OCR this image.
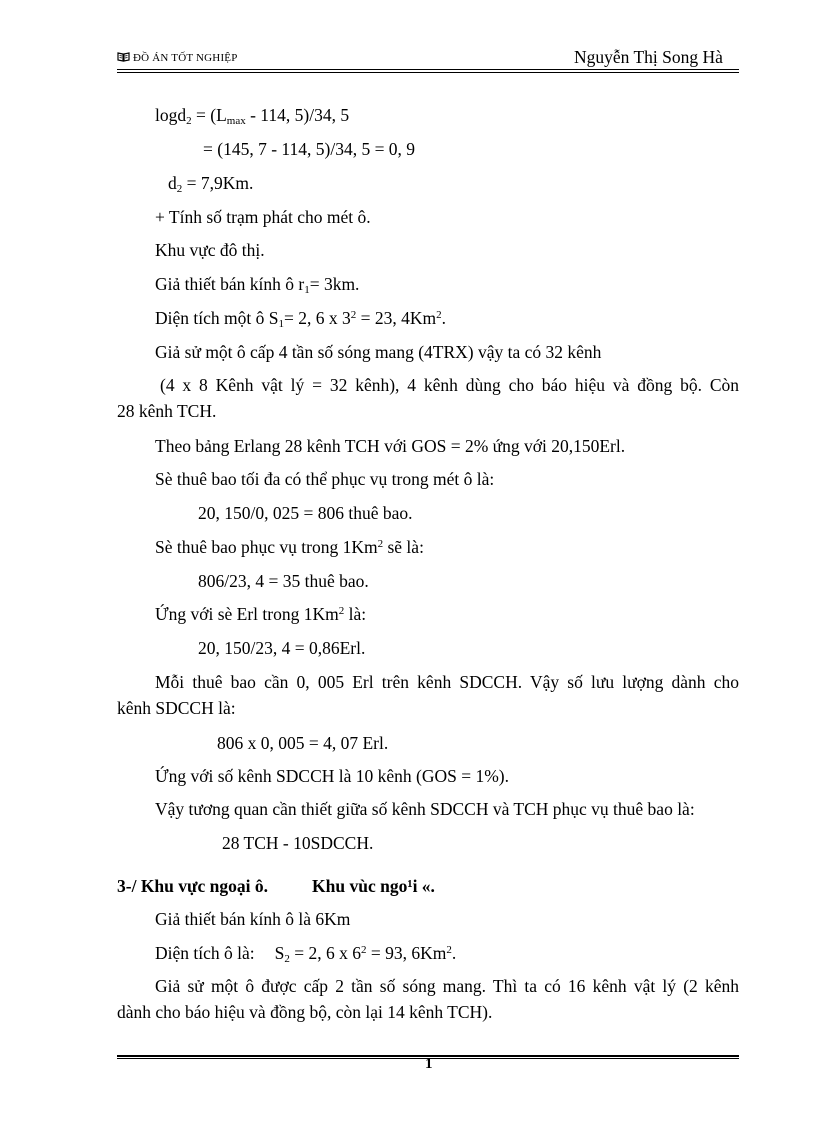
ĐỒ ÁN TỐT NGHIỆP	Nguyễn Thị Song Hà
$\log d_2 = (L_{max} - 114$, 5)/34, 5
= (145, 7 - 114, 5)/34, 5 = 0, 9
$d_2 = 7,9Km$.
+ Tính số trạm phát cho mét ô.
Khu vực đô thị.
Giả thiết bán kính ô $r_1= 3km$.
Diện tích một ô $S_1= 2$, 6 x $3^2 = 23$, 4Km$^2$.
Giả sử một ô cấp 4 tần số sóng mang (4TRX) vậy ta có 32 kênh
(4 x 8 Kênh vật lý = 32 kênh), 4 kênh dùng cho báo hiệu và đồng bộ. Còn
28 kênh TCH.
Theo bảng Erlang 28 kênh TCH với GOS = 2% ứng với 20,150Erl.
Sè thuê bao tối đa có thể phục vụ trong mét ô là:
20, 150/0, 025 = 806 thuê bao.
Sè thuê bao phục vụ trong 1Km$^2$ sẽ là:
806/23, 4 = 35 thuê bao.
Ứng với sè Erl trong 1Km$^2$ là:
20, 150/23, 4 = 0,86Erl.
Mỗi thuê bao cần 0, 005 Erl trên kênh SDCCH. Vậy số lưu lượng dành cho
kênh SDCCH là:
806 x 0, 005 = 4, 07 Erl.
Ứng với số kênh SDCCH là 10 kênh (GOS = 1%).
Vậy tương quan cần thiết giữa số kênh SDCCH và TCH phục vụ thuê bao là:
28 TCH - 10SDCCH.
3-/ Khu vực ngoại ô.	Khu vùc ngo¹i «.
Giả thiết bán kính ô là 6Km
Diện tích ô là: $S_2 = 2$, 6 x $6^2 = 93$, 6Km$^2$.
Giả sử một ô được cấp 2 tần số sóng mang. Thì ta có 16 kênh vật lý (2 kênh
dành cho báo hiệu và đồng bộ, còn lại 14 kênh TCH).
1
